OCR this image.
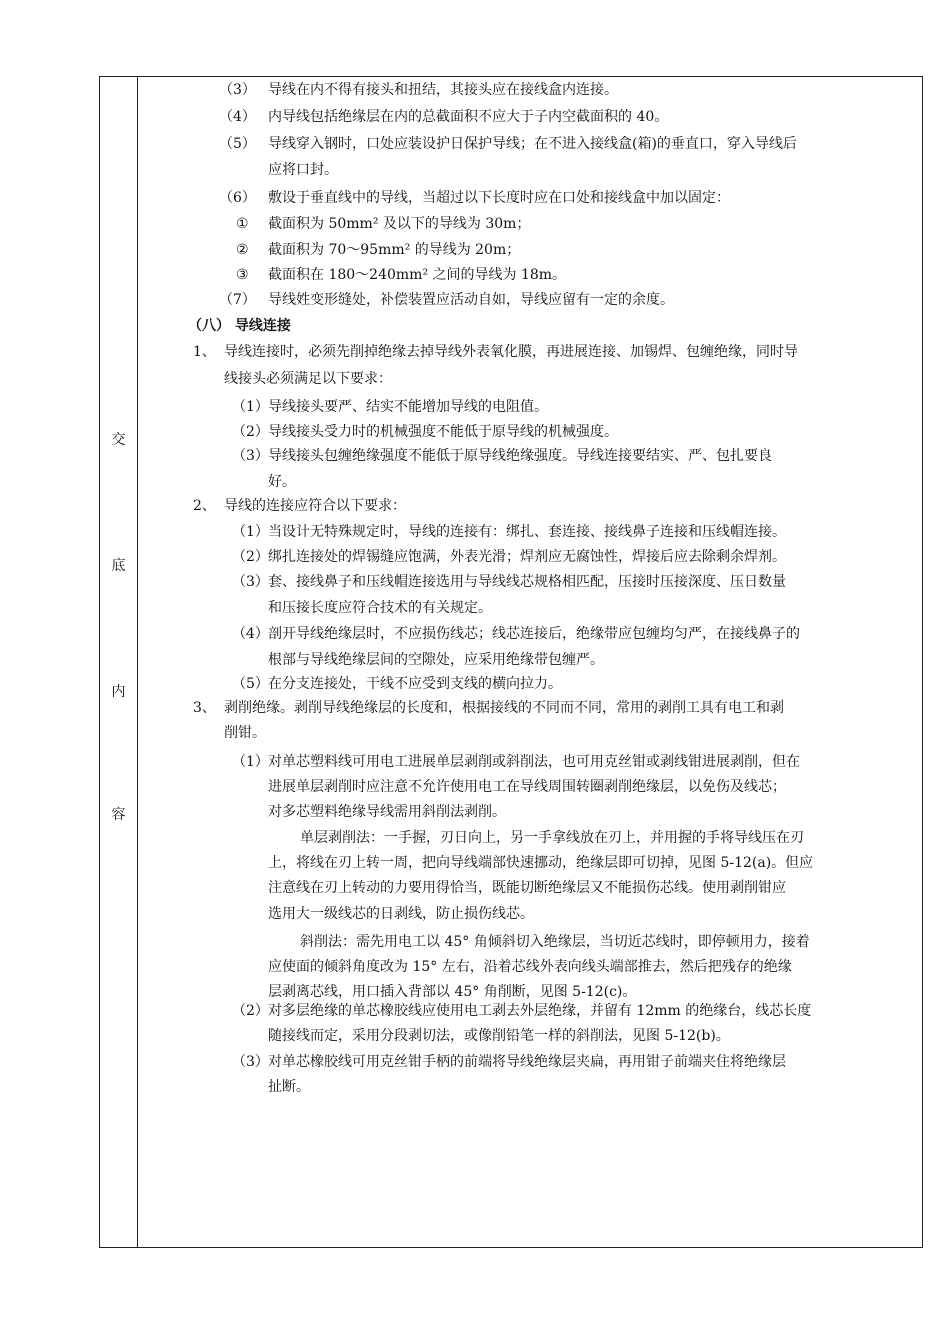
交
底
内
容
（3） 导线在内不得有接头和扭结，其接头应在接线盒内连接。
（4） 内导线包括绝缘层在内的总截面积不应大于子内空截面积的 40。
（5） 导线穿入钢时，口处应装设护日保护导线；在不进入接线盒(箱)的垂直口，穿入导线后
应将口封。
（6） 敷设于垂直线中的导线，当超过以下长度时应在口处和接线盒中加以固定：
① 截面积为 50mm² 及以下的导线为 30m；
② 截面积为 70～95mm² 的导线为 20m；
③ 截面积在 180～240mm² 之间的导线为 18m。
（7） 导线姓变形缝处，补偿装置应活动自如，导线应留有一定的余度。
（八） 导线连接
1、 导线连接时，必须先削掉绝缘去掉导线外表氧化膜，再进展连接、加锡焊、包缠绝缘，同时导
线接头必须满足以下要求：
（1） 导线接头要严、结实不能增加导线的电阻值。
（2） 导线接头受力时的机械强度不能低于原导线的机械强度。
（3） 导线接头包缠绝缘强度不能低于原导线绝缘强度。导线连接要结实、严、包扎要良
好。
2、 导线的连接应符合以下要求：
（1） 当设计无特殊规定时，导线的连接有：绑扎、套连接、接线鼻子连接和压线帽连接。
（2） 绑扎连接处的焊锡缝应饱满，外表光滑；焊剂应无腐蚀性，焊接后应去除剩余焊剂。
（3） 套、接线鼻子和压线帽连接选用与导线线芯规格相匹配，压接时压接深度、压日数量
和压接长度应符合技术的有关规定。
（4） 剖开导线绝缘层时，不应损伤线芯；线芯连接后，绝缘带应包缠均匀严，在接线鼻子的
根部与导线绝缘层间的空隙处，应采用绝缘带包缠严。
（5） 在分支连接处，干线不应受到支线的横向拉力。
3、 剥削绝缘。剥削导线绝缘层的长度和，根据接线的不同而不同，常用的剥削工具有电工和剥
削钳。
（1） 对单芯塑料线可用电工进展单层剥削或斜削法，也可用克丝钳或剥线钳进展剥削，但在
进展单层剥削时应注意不允许使用电工在导线周围转圈剥削绝缘层，以免伤及线芯；
对多芯塑料绝缘导线需用斜削法剥削。
单层剥削法：一手握，刃日向上，另一手拿线放在刃上，并用握的手将导线压在刃
上，将线在刃上转一周，把向导线端部快速挪动，绝缘层即可切掉，见图 5-12(a)。但应
注意线在刃上转动的力要用得恰当，既能切断绝缘层又不能损伤芯线。使用剥削钳应
选用大一级线芯的日剥线，防止损伤线芯。
斜削法：需先用电工以 45° 角倾斜切入绝缘层，当切近芯线时，即停顿用力，接着
应使面的倾斜角度改为 15° 左右，沿着芯线外表向线头端部推去，然后把残存的绝缘
层剥离芯线，用口插入背部以 45° 角削断，见图 5-12(c)。
（2） 对多层绝缘的单芯橡胶线应使用电工剥去外层绝缘，并留有 12mm 的绝缘台，线芯长度
随接线而定，采用分段剥切法，或像削铅笔一样的斜削法，见图 5-12(b)。
（3） 对单芯橡胶线可用克丝钳手柄的前端将导线绝缘层夹扁，再用钳子前端夹住将绝缘层
扯断。
